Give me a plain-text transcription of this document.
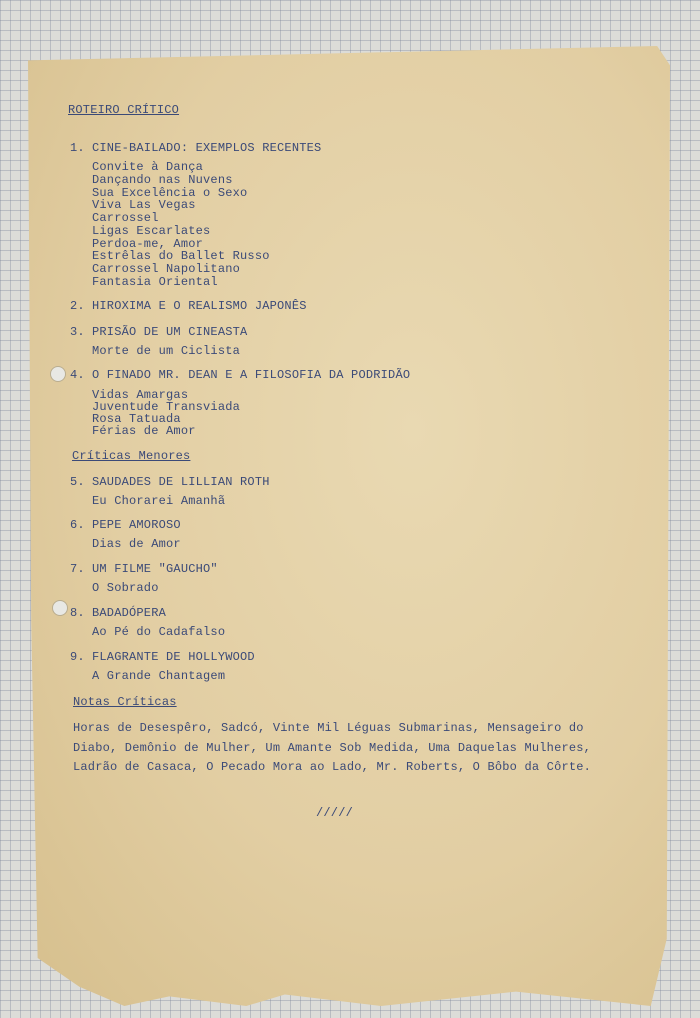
ROTEIRO CRÍTICO
1. CINE-BAILADO: EXEMPLOS RECENTES
Convite à Dança
Dançando nas Nuvens
Sua Excelência o Sexo
Viva Las Vegas
Carrossel
Ligas Escarlates
Perdoa-me, Amor
Estrêlas do Ballet Russo
Carrossel Napolitano
Fantasia Oriental
2. HIROXIMA E O REALISMO JAPONÊS
3. PRISÃO DE UM CINEASTA
Morte de um Ciclista
4. O FINADO MR. DEAN E A FILOSOFIA DA PODRIDÃO
Vidas Amargas
Juventude Transviada
Rosa Tatuada
Férias de Amor
Críticas Menores
5. SAUDADES DE LILLIAN ROTH
Eu Chorarei Amanhã
6. PEPE AMOROSO
Dias de Amor
7. UM FILME "GAUCHO"
O Sobrado
8. BADADÓPERA
Ao Pé do Cadafalso
9. FLAGRANTE DE HOLLYWOOD
A Grande Chantagem
Notas Críticas
Horas de Desespêro, Sadcó, Vinte Mil Léguas Submarinas, Mensageiro do Diabo, Demônio de Mulher, Um Amante Sob Medida, Uma Daquelas Mulheres, Ladrão de Casaca, O Pecado Mora ao Lado, Mr. Roberts, O Bôbo da Côrte.
/////
